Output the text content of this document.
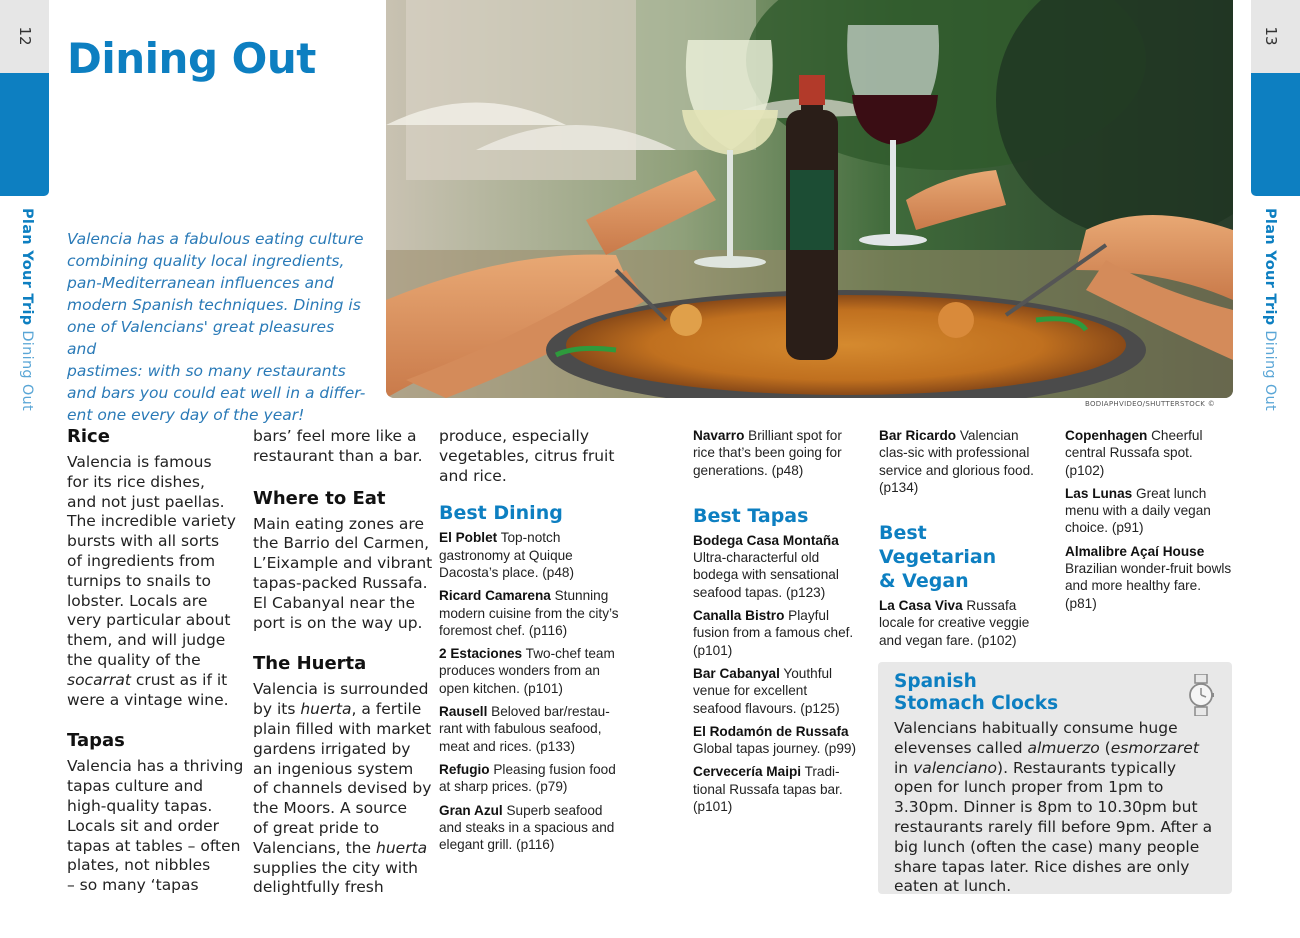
12
Plan Your Trip Dining Out
13
Plan Your Trip Dining Out
Dining Out

Valencia has a fabulous eating culture
combining quality local ingredients,
pan-Mediterranean influences and
modern Spanish techniques. Dining is
one of Valencians' great pleasures and
pastimes: with so many restaurants
and bars you could eat well in a differ-
ent one every day of the year!

BODIAPHVIDEO/SHUTTERSTOCK ©
Rice

Valencia is famous
for its rice dishes,
and not just paellas.
The incredible variety
bursts with all sorts
of ingredients from
turnips to snails to
lobster. Locals are
very particular about
them, and will judge
the quality of the
socarrat crust as if it
were a vintage wine.

Tapas

Valencia has a thriving
tapas culture and
high-quality tapas.
Locals sit and order
tapas at tables – often
plates, not nibbles
– so many ‘tapas

bars’ feel more like a
restaurant than a bar.

Where to Eat

Main eating zones are
the Barrio del Carmen,
L’Eixample and vibrant
tapas-packed Russafa.
El Cabanyal near the
port is on the way up.

The Huerta

Valencia is surrounded
by its huerta, a fertile
plain filled with market
gardens irrigated by
an ingenious system
of channels devised by
the Moors. A source
of great pride to
Valencians, the huerta
supplies the city with
delightfully fresh

produce, especially
vegetables, citrus fruit
and rice.

Best Dining

El Poblet Top-notch gastronomy at Quique Dacosta’s place. (p48)

Ricard Camarena Stunning modern cuisine from the city’s foremost chef. (p116)

2 Estaciones Two-chef team produces wonders from an open kitchen. (p101)

Rausell Beloved bar/restau-rant with fabulous seafood, meat and rices. (p133)

Refugio Pleasing fusion food at sharp prices. (p79)

Gran Azul Superb seafood and steaks in a spacious and elegant grill. (p116)

Navarro Brilliant spot for rice that’s been going for generations. (p48)

Best Tapas

Bodega Casa Montaña Ultra-characterful old bodega with sensational seafood tapas. (p123)

Canalla Bistro Playful fusion from a famous chef. (p101)

Bar Cabanyal Youthful venue for excellent seafood flavours. (p125)

El Rodamón de Russafa Global tapas journey. (p99)

Cervecería Maipi Tradi-tional Russafa tapas bar. (p101)

Bar Ricardo Valencian clas-sic with professional service and glorious food. (p134)

Best Vegetarian
& Vegan

La Casa Viva Russafa locale for creative veggie and vegan fare. (p102)

Copenhagen Cheerful central Russafa spot. (p102)

Las Lunas Great lunch menu with a daily vegan choice. (p91)

Almalibre Açaí House Brazilian wonder-fruit bowls and more healthy fare. (p81)

Spanish
Stomach Clocks
Valencians habitually consume huge elevenses called almuerzo (esmorzaret in valenciano). Restaurants typically open for lunch proper from 1pm to 3.30pm. Dinner is 8pm to 10.30pm but restaurants rarely fill before 9pm. After a big lunch (often the case) many people share tapas later. Rice dishes are only eaten at lunch.
